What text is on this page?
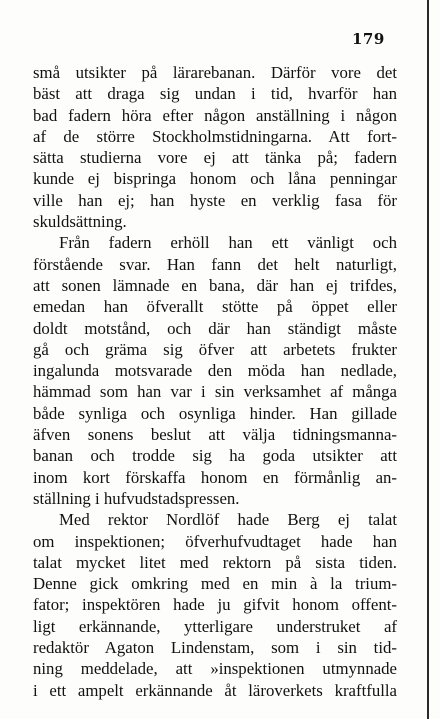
179
små utsikter på lärarebanan. Därför vore det
bäst att draga sig undan i tid, hvarför han
bad fadern höra efter någon anställning i någon
af de större Stockholmstidningarna. Att fort-
sätta studierna vore ej att tänka på; fadern
kunde ej bispringa honom och låna penningar
ville han ej; han hyste en verklig fasa för
skuldsättning.
Från fadern erhöll han ett vänligt och
förstående svar. Han fann det helt naturligt,
att sonen lämnade en bana, där han ej trifdes,
emedan han öfverallt stötte på öppet eller
doldt motstånd, och där han ständigt måste
gå och gräma sig öfver att arbetets frukter
ingalunda motsvarade den möda han nedlade,
hämmad som han var i sin verksamhet af många
både synliga och osynliga hinder. Han gillade
äfven sonens beslut att välja tidningsmanna-
banan och trodde sig ha goda utsikter att
inom kort förskaffa honom en förmånlig an-
ställning i hufvudstadspressen.
Med rektor Nordlöf hade Berg ej talat
om inspektionen; öfverhufvudtaget hade han
talat mycket litet med rektorn på sista tiden.
Denne gick omkring med en min à la trium-
fator; inspektören hade ju gifvit honom offent-
ligt erkännande, ytterligare understruket af
redaktör Agaton Lindenstam, som i sin tid-
ning meddelade, att »inspektionen utmynnade
i ett ampelt erkännande åt läroverkets kraftfulla
